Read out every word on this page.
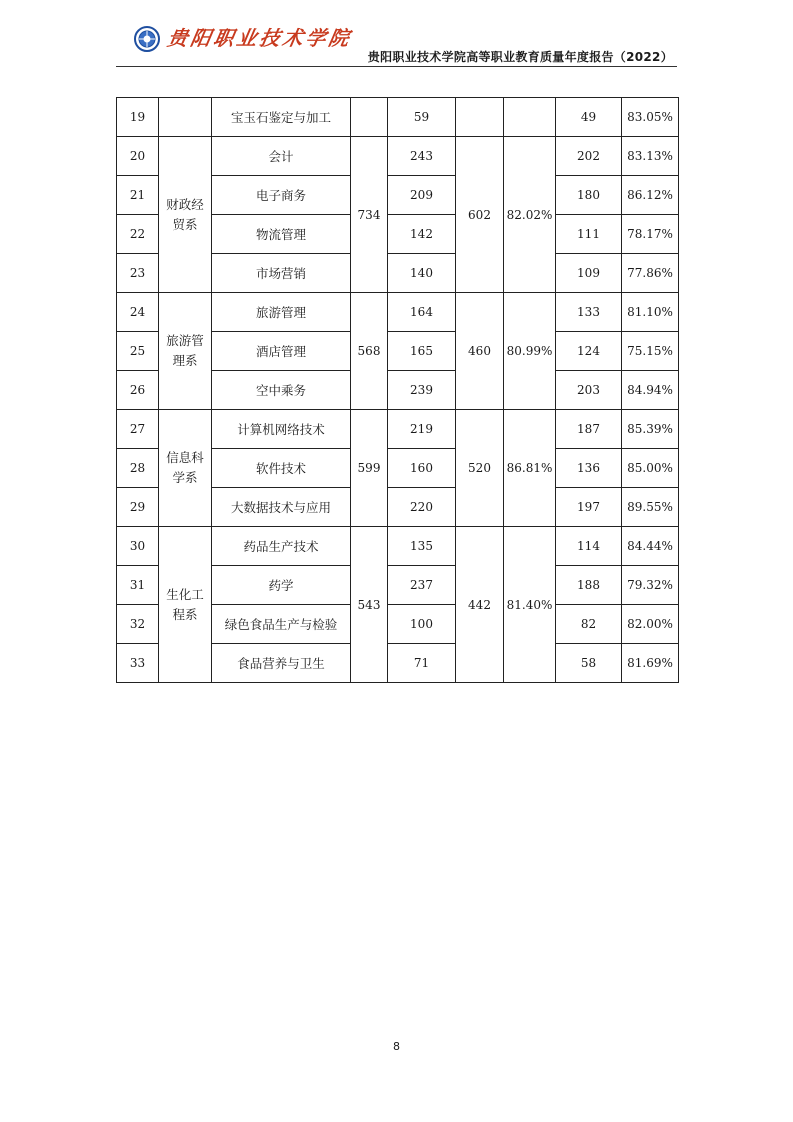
贵阳职业技术学院
贵阳职业技术学院高等职业教育质量年度报告（2022）
19		宝玉石鉴定与加工		59			49	83.05%
20	财政经贸系	会计	734	243	602	82.02%	202	83.13%
21		电子商务		209			180	86.12%
22		物流管理		142			111	78.17%
23		市场营销		140			109	77.86%
24	旅游管理系	旅游管理	568	164	460	80.99%	133	81.10%
25		酒店管理		165			124	75.15%
26		空中乘务		239			203	84.94%
27	信息科学系	计算机网络技术	599	219	520	86.81%	187	85.39%
28		软件技术		160			136	85.00%
29		大数据技术与应用		220			197	89.55%
30	生化工程系	药品生产技术	543	135	442	81.40%	114	84.44%
31		药学		237			188	79.32%
32		绿色食品生产与检验		100			82	82.00%
33		食品营养与卫生		71			58	81.69%
8
